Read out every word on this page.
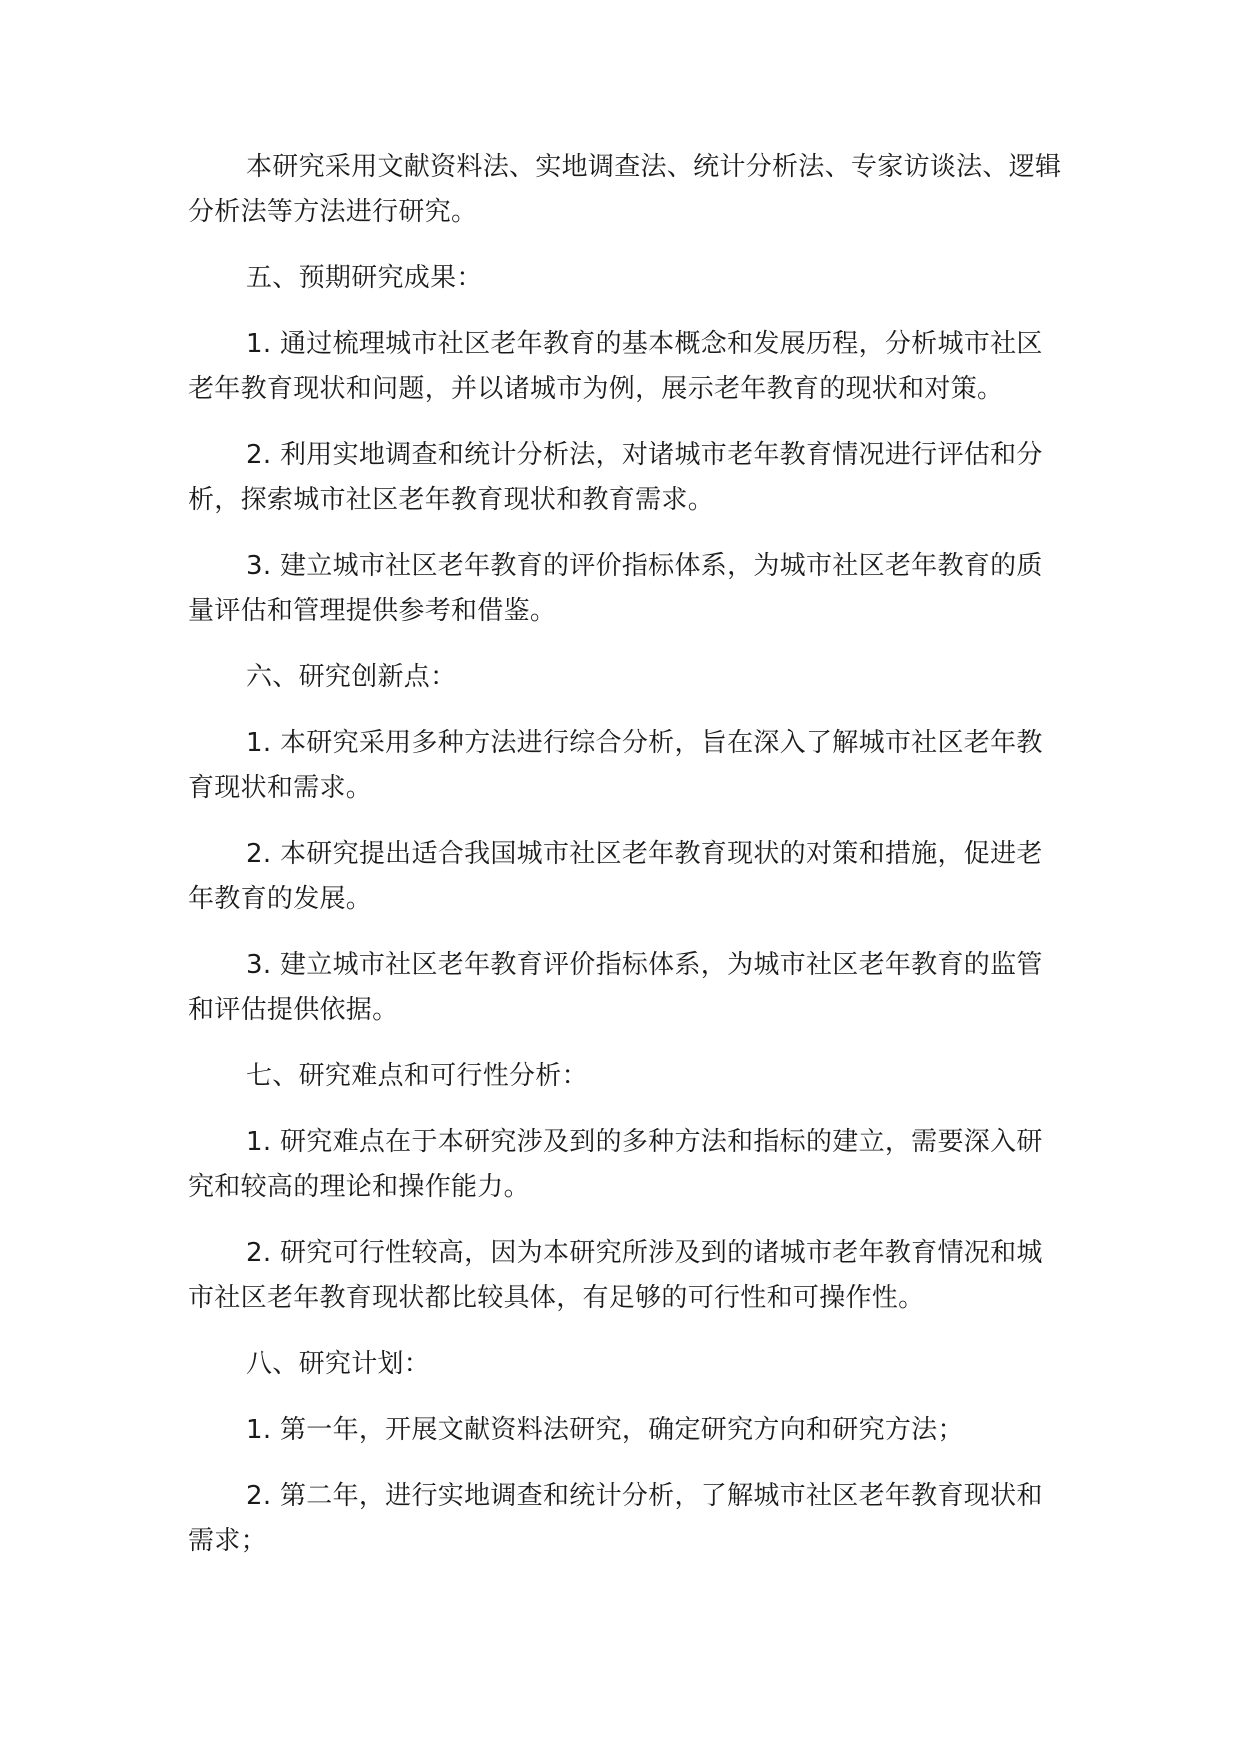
本研究采用文献资料法、实地调查法、统计分析法、专家访谈法、逻辑分析法等方法进行研究。

五、预期研究成果：

1. 通过梳理城市社区老年教育的基本概念和发展历程，分析城市社区老年教育现状和问题，并以诸城市为例，展示老年教育的现状和对策。

2. 利用实地调查和统计分析法，对诸城市老年教育情况进行评估和分析，探索城市社区老年教育现状和教育需求。

3. 建立城市社区老年教育的评价指标体系，为城市社区老年教育的质量评估和管理提供参考和借鉴。

六、研究创新点：

1. 本研究采用多种方法进行综合分析，旨在深入了解城市社区老年教育现状和需求。

2. 本研究提出适合我国城市社区老年教育现状的对策和措施，促进老年教育的发展。

3. 建立城市社区老年教育评价指标体系，为城市社区老年教育的监管和评估提供依据。

七、研究难点和可行性分析：

1. 研究难点在于本研究涉及到的多种方法和指标的建立，需要深入研究和较高的理论和操作能力。

2. 研究可行性较高，因为本研究所涉及到的诸城市老年教育情况和城市社区老年教育现状都比较具体，有足够的可行性和可操作性。

八、研究计划：

1. 第一年，开展文献资料法研究，确定研究方向和研究方法；

2. 第二年，进行实地调查和统计分析，了解城市社区老年教育现状和需求；
